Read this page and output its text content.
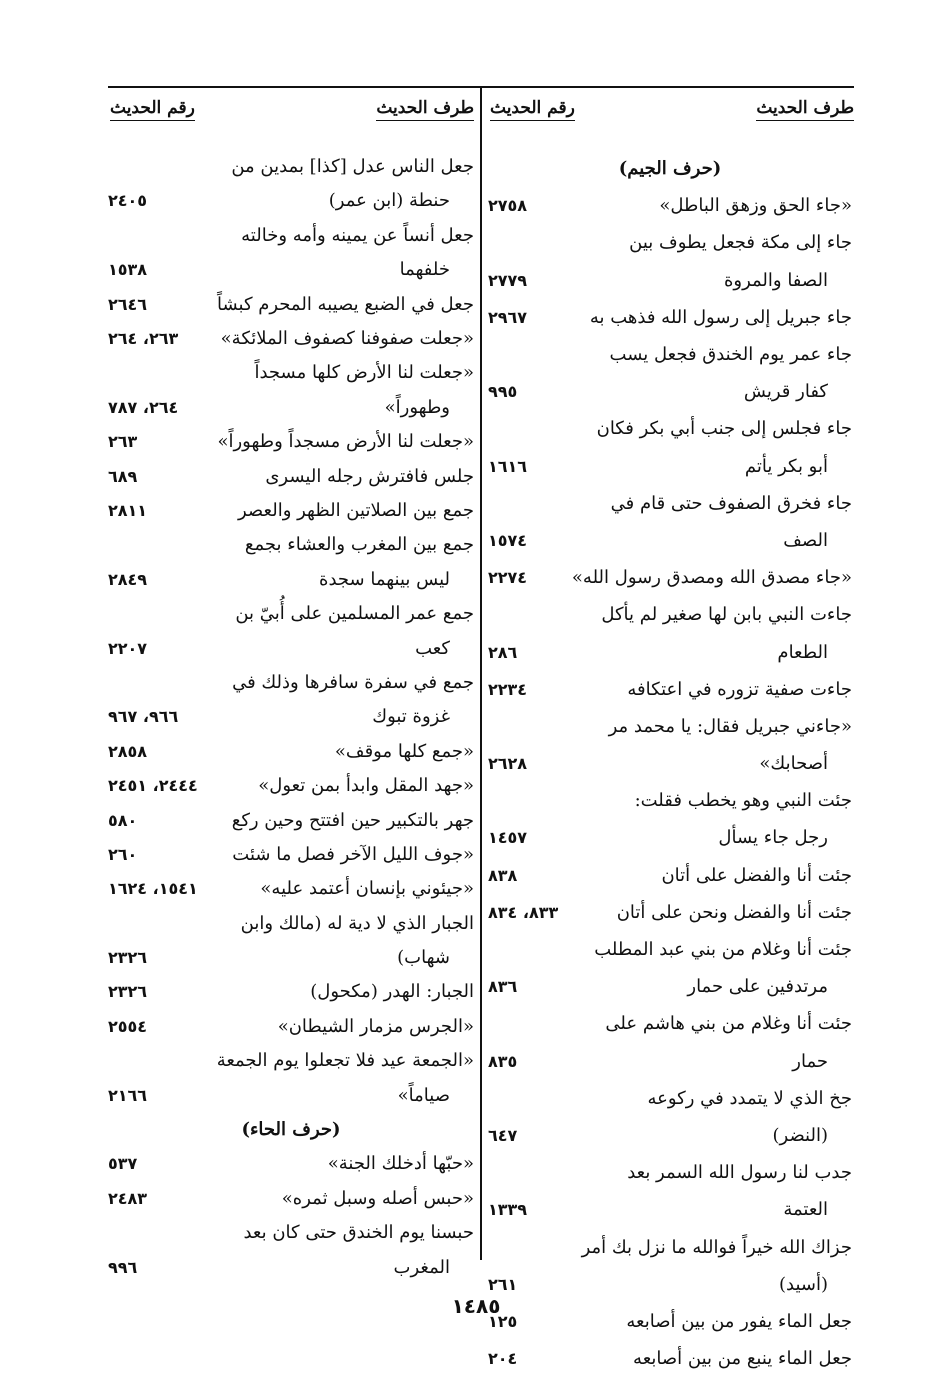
طرف الحديث
رقم الحديث
طرف الحديث
رقم الحديث
(حرف الجيم)
«جاء الحق وزهق الباطل»
٢٧٥٨
جاء إلى مكة فجعل يطوف بين
الصفا والمروة
٢٧٧٩
جاء جبريل إلى رسول الله فذهب به
٢٩٦٧
جاء عمر يوم الخندق فجعل يسب
كفار قريش
٩٩٥
جاء فجلس إلى جنب أبي بكر فكان
أبو بكر يأتم
١٦١٦
جاء فخرق الصفوف حتى قام في
الصف
١٥٧٤
«جاء مصدق الله ومصدق رسول الله»
٢٢٧٤
جاءت النبي بابن لها صغير لم يأكل
الطعام
٢٨٦
جاءت صفية تزوره في اعتكافه
٢٢٣٤
«جاءني جبريل فقال: يا محمد مر
أصحابك»
٢٦٢٨
جئت النبي وهو يخطب فقلت:
رجل جاء يسأل
١٤٥٧
جئت أنا والفضل على أتان
٨٣٨
جئت أنا والفضل ونحن على أتان
٨٣٣، ٨٣٤
جئت أنا وغلام من بني عبد المطلب
مرتدفين على حمار
٨٣٦
جئت أنا وغلام من بني هاشم على
حمار
٨٣٥
جخ الذي لا يتمدد في ركوعه
(النضر)
٦٤٧
جدب لنا رسول الله السمر بعد
العتمة
١٣٣٩
جزاك الله خيراً فوالله ما نزل بك أمر
(أسيد)
٢٦١
جعل الماء يفور من بين أصابعه
١٢٥
جعل الماء ينبع من بين أصابعه
٢٠٤
جعل الناس عدل [كذا] بمدين من
حنطة (ابن عمر)
٢٤٠٥
جعل أنساً عن يمينه وأمه وخالته
خلفهما
١٥٣٨
جعل في الضبع يصيبه المحرم كبشاً
٢٦٤٦
«جعلت صفوفنا كصفوف الملائكة»
٢٦٣، ٢٦٤
«جعلت لنا الأرض كلها مسجداً
وطهوراً»
٢٦٤، ٧٨٧
«جعلت لنا الأرض مسجداً وطهوراً»
٢٦٣
جلس فافترش رجله اليسرى
٦٨٩
جمع بين الصلاتين الظهر والعصر
٢٨١١
جمع بين المغرب والعشاء بجمع
ليس بينهما سجدة
٢٨٤٩
جمع عمر المسلمين على أُبيّ بن
كعب
٢٢٠٧
جمع في سفرة سافرها وذلك في
غزوة تبوك
٩٦٦، ٩٦٧
«جمع كلها موقف»
٢٨٥٨
«جهد المقل وابدأ بمن تعول»
٢٤٤٤، ٢٤٥١
جهر بالتكبير حين افتتح وحين ركع
٥٨٠
«جوف الليل الآخر فصل ما شئت
٢٦٠
«جيئوني بإنسان أعتمد عليه»
١٥٤١، ١٦٢٤
الجبار الذي لا دية له (مالك وابن
شهاب)
٢٣٢٦
الجبار: الهدر (مكحول)
٢٣٢٦
«الجرس مزمار الشيطان»
٢٥٥٤
«الجمعة عيد فلا تجعلوا يوم الجمعة
صياماً»
٢١٦٦
(حرف الحاء)
«حبّها أدخلك الجنة»
٥٣٧
«حبس أصله وسبل ثمره»
٢٤٨٣
حبسنا يوم الخندق حتى كان بعد
المغرب
٩٩٦
١٤٨٥
